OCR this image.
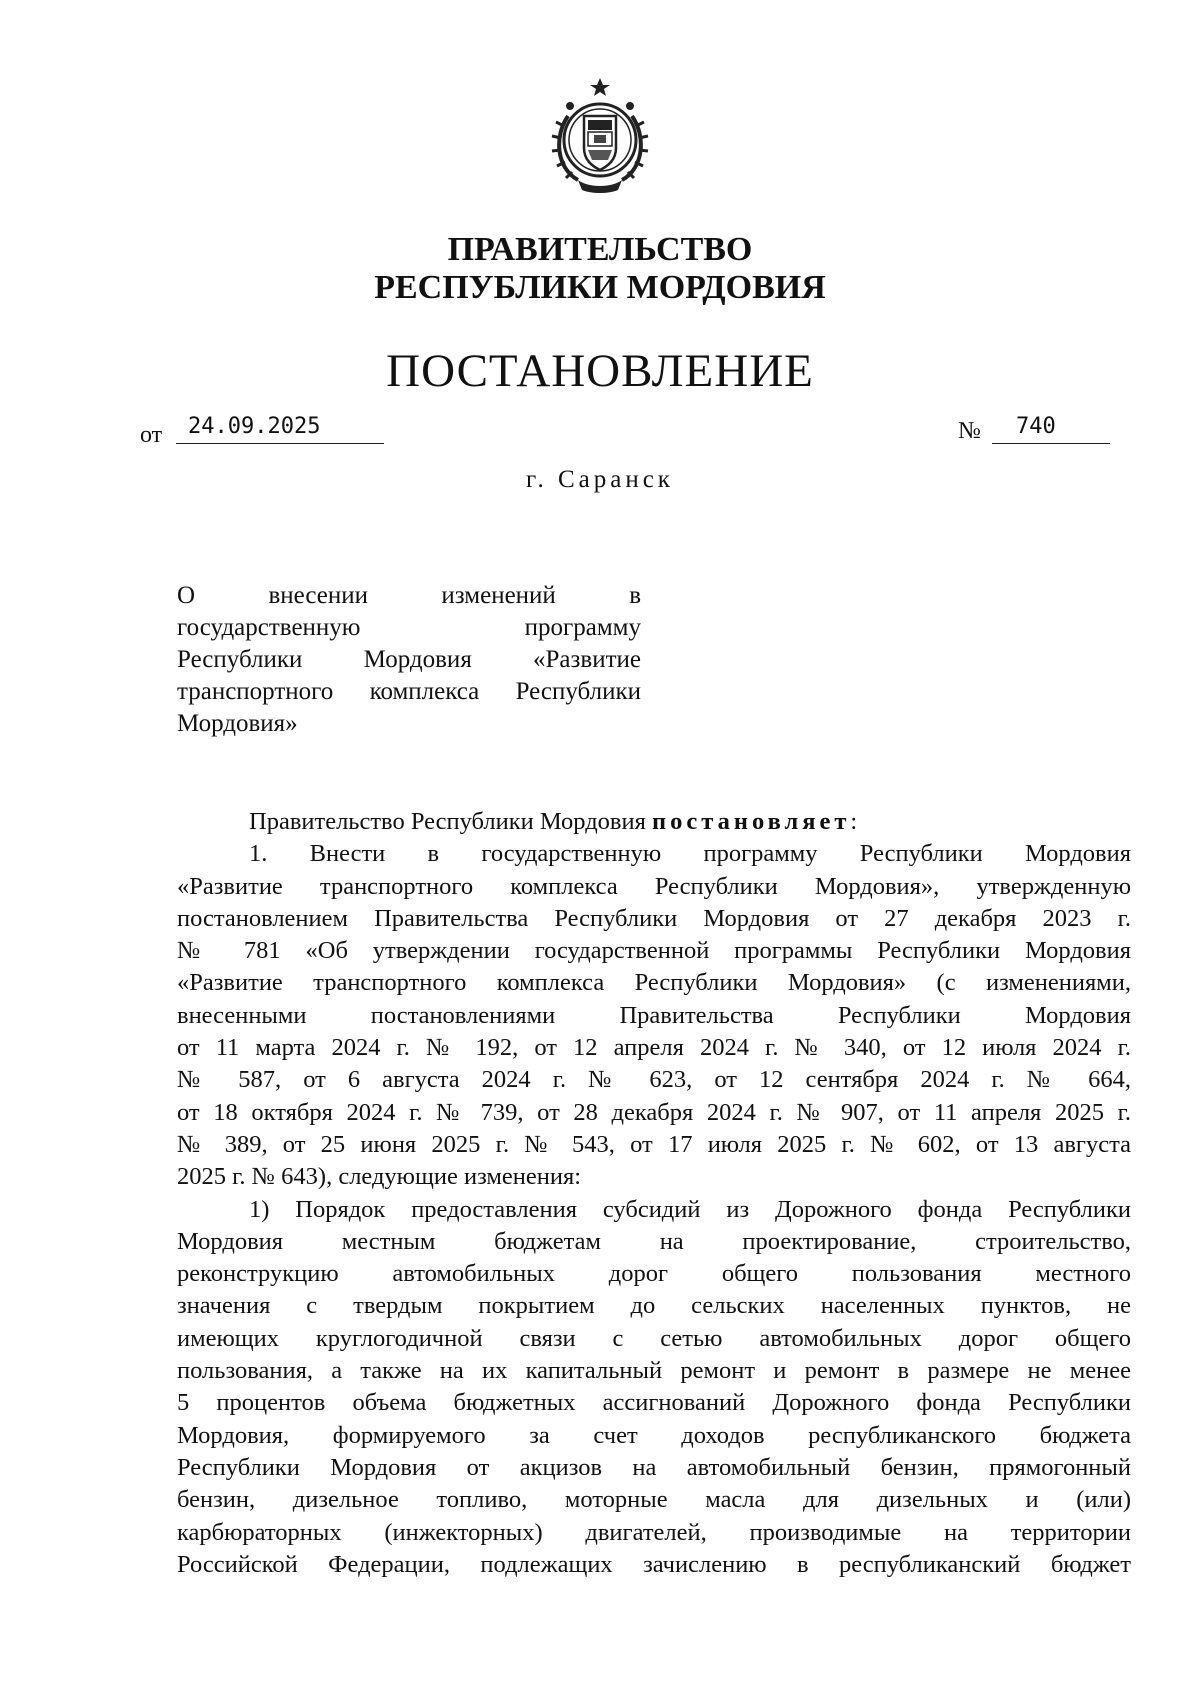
ПРАВИТЕЛЬСТВО
РЕСПУБЛИКИ МОРДОВИЯ
ПОСТАНОВЛЕНИЕ
от	24.09.2025	№	740
г. Саранск
О внесении изменений в
государственную программу
Республики Мордовия «Развитие
транспортного комплекса Республики
Мордовия»
Правительство Республики Мордовия постановляет:
1. Внести в государственную программу Республики Мордовия
«Развитие транспортного комплекса Республики Мордовия», утвержденную
постановлением Правительства Республики Мордовия от 27 декабря 2023 г.
№ 781 «Об утверждении государственной программы Республики Мордовия
«Развитие транспортного комплекса Республики Мордовия» (с изменениями,
внесенными постановлениями Правительства Республики Мордовия
от 11 марта 2024 г. № 192, от 12 апреля 2024 г. № 340, от 12 июля 2024 г.
№ 587, от 6 августа 2024 г. № 623, от 12 сентября 2024 г. № 664,
от 18 октября 2024 г. № 739, от 28 декабря 2024 г. № 907, от 11 апреля 2025 г.
№ 389, от 25 июня 2025 г. № 543, от 17 июля 2025 г. № 602, от 13 августа
2025 г. № 643), следующие изменения:
1) Порядок предоставления субсидий из Дорожного фонда Республики
Мордовия местным бюджетам на проектирование, строительство,
реконструкцию автомобильных дорог общего пользования местного
значения с твердым покрытием до сельских населенных пунктов, не
имеющих круглогодичной связи с сетью автомобильных дорог общего
пользования, а также на их капитальный ремонт и ремонт в размере не менее
5 процентов объема бюджетных ассигнований Дорожного фонда Республики
Мордовия, формируемого за счет доходов республиканского бюджета
Республики Мордовия от акцизов на автомобильный бензин, прямогонный
бензин, дизельное топливо, моторные масла для дизельных и (или)
карбюраторных (инжекторных) двигателей, производимые на территории
Российской Федерации, подлежащих зачислению в республиканский бюджет
